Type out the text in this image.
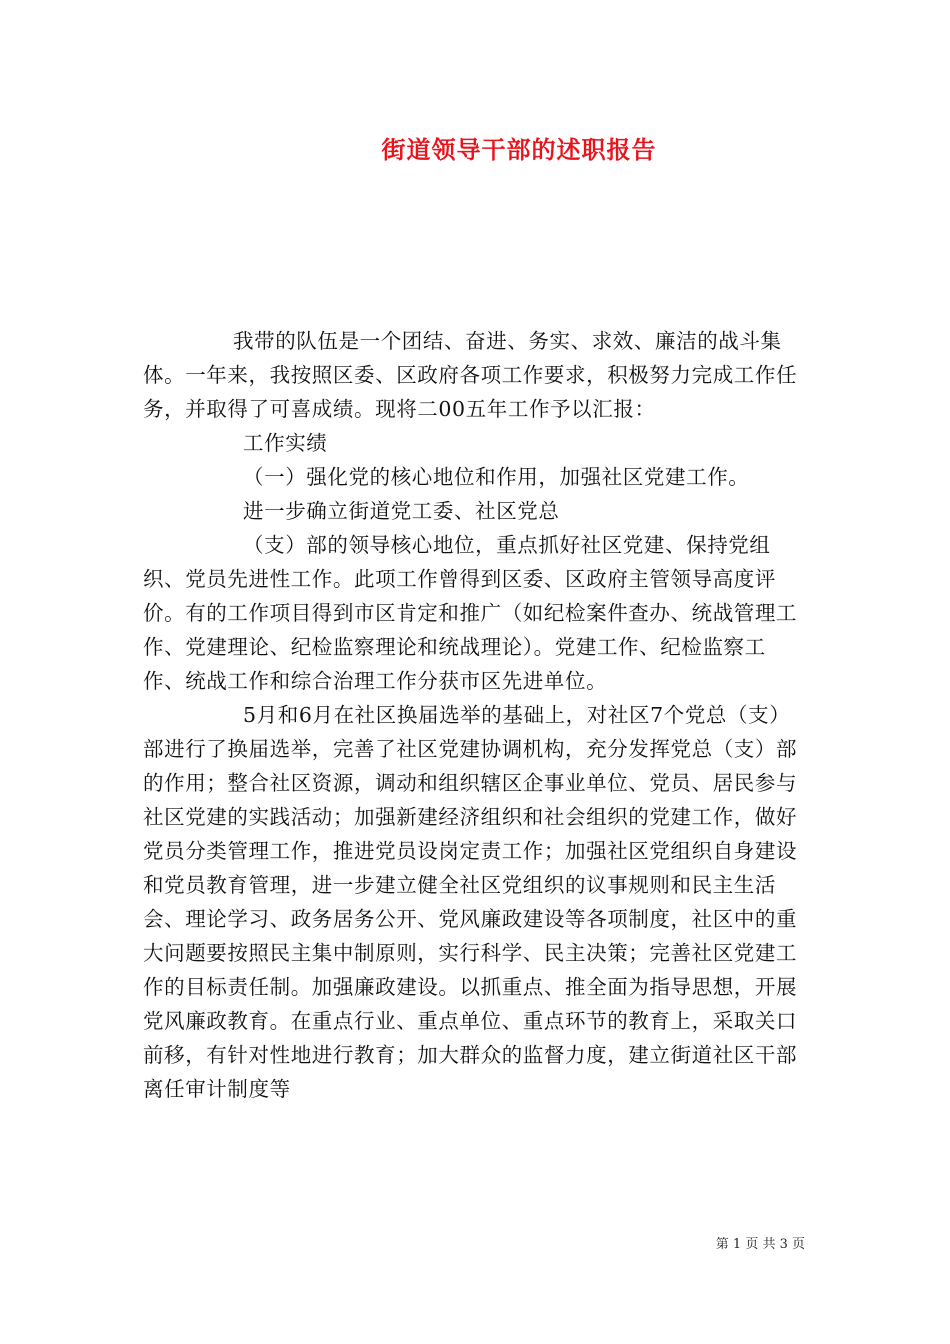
街道领导干部的述职报告

我带的队伍是一个团结、奋进、务实、求效、廉洁的战斗集体。一年来，我按照区委、区政府各项工作要求，积极努力完成工作任务，并取得了可喜成绩。现将二00五年工作予以汇报：

工作实绩

（一）强化党的核心地位和作用，加强社区党建工作。

进一步确立街道党工委、社区党总

（支）部的领导核心地位，重点抓好社区党建、保持党组织、党员先进性工作。此项工作曾得到区委、区政府主管领导高度评价。有的工作项目得到市区肯定和推广（如纪检案件查办、统战管理工作、党建理论、纪检监察理论和统战理论）。党建工作、纪检监察工作、统战工作和综合治理工作分获市区先进单位。

5月和6月在社区换届选举的基础上，对社区7个党总（支）部进行了换届选举，完善了社区党建协调机构，充分发挥党总（支）部的作用；整合社区资源，调动和组织辖区企事业单位、党员、居民参与社区党建的实践活动；加强新建经济组织和社会组织的党建工作，做好党员分类管理工作，推进党员设岗定责工作；加强社区党组织自身建设和党员教育管理，进一步建立健全社区党组织的议事规则和民主生活会、理论学习、政务居务公开、党风廉政建设等各项制度，社区中的重大问题要按照民主集中制原则，实行科学、民主决策；完善社区党建工作的目标责任制。加强廉政建设。以抓重点、推全面为指导思想，开展党风廉政教育。在重点行业、重点单位、重点环节的教育上，采取关口前移，有针对性地进行教育；加大群众的监督力度，建立街道社区干部离任审计制度等

第 1 页 共 3 页
